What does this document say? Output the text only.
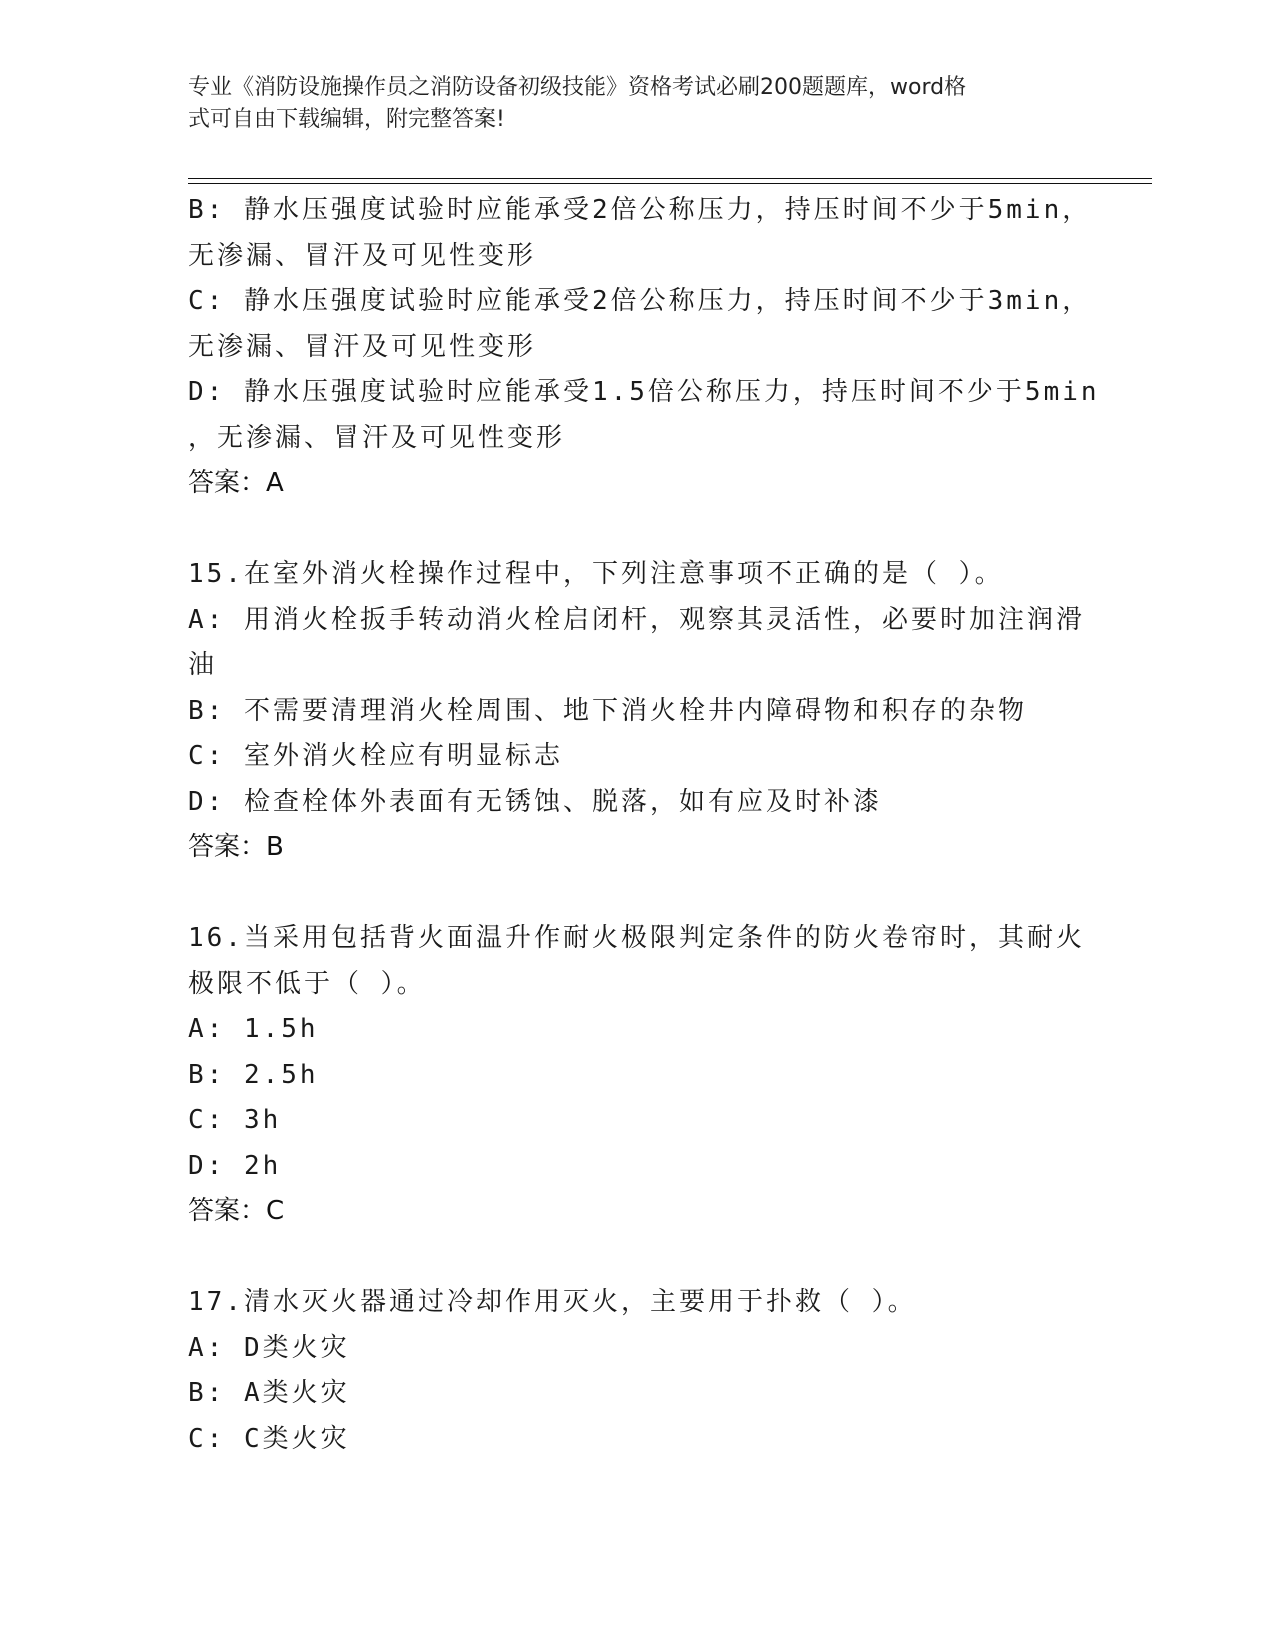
专业《消防设施操作员之消防设备初级技能》资格考试必刷200题题库，word格
式可自由下载编辑，附完整答案!
B: 静水压强度试验时应能承受2倍公称压力，持压时间不少于5min，
无渗漏、冒汗及可见性变形
C: 静水压强度试验时应能承受2倍公称压力，持压时间不少于3min，
无渗漏、冒汗及可见性变形
D: 静水压强度试验时应能承受1.5倍公称压力，持压时间不少于5min
，无渗漏、冒汗及可见性变形
答案：A
15.在室外消火栓操作过程中，下列注意事项不正确的是（ ）。
A: 用消火栓扳手转动消火栓启闭杆，观察其灵活性，必要时加注润滑
油
B: 不需要清理消火栓周围、地下消火栓井内障碍物和积存的杂物
C: 室外消火栓应有明显标志
D: 检查栓体外表面有无锈蚀、脱落，如有应及时补漆
答案：B
16.当采用包括背火面温升作耐火极限判定条件的防火卷帘时，其耐火
极限不低于（ ）。
A: 1.5h
B: 2.5h
C: 3h
D: 2h
答案：C
17.清水灭火器通过冷却作用灭火，主要用于扑救（ ）。
A: D类火灾
B: A类火灾
C: C类火灾
